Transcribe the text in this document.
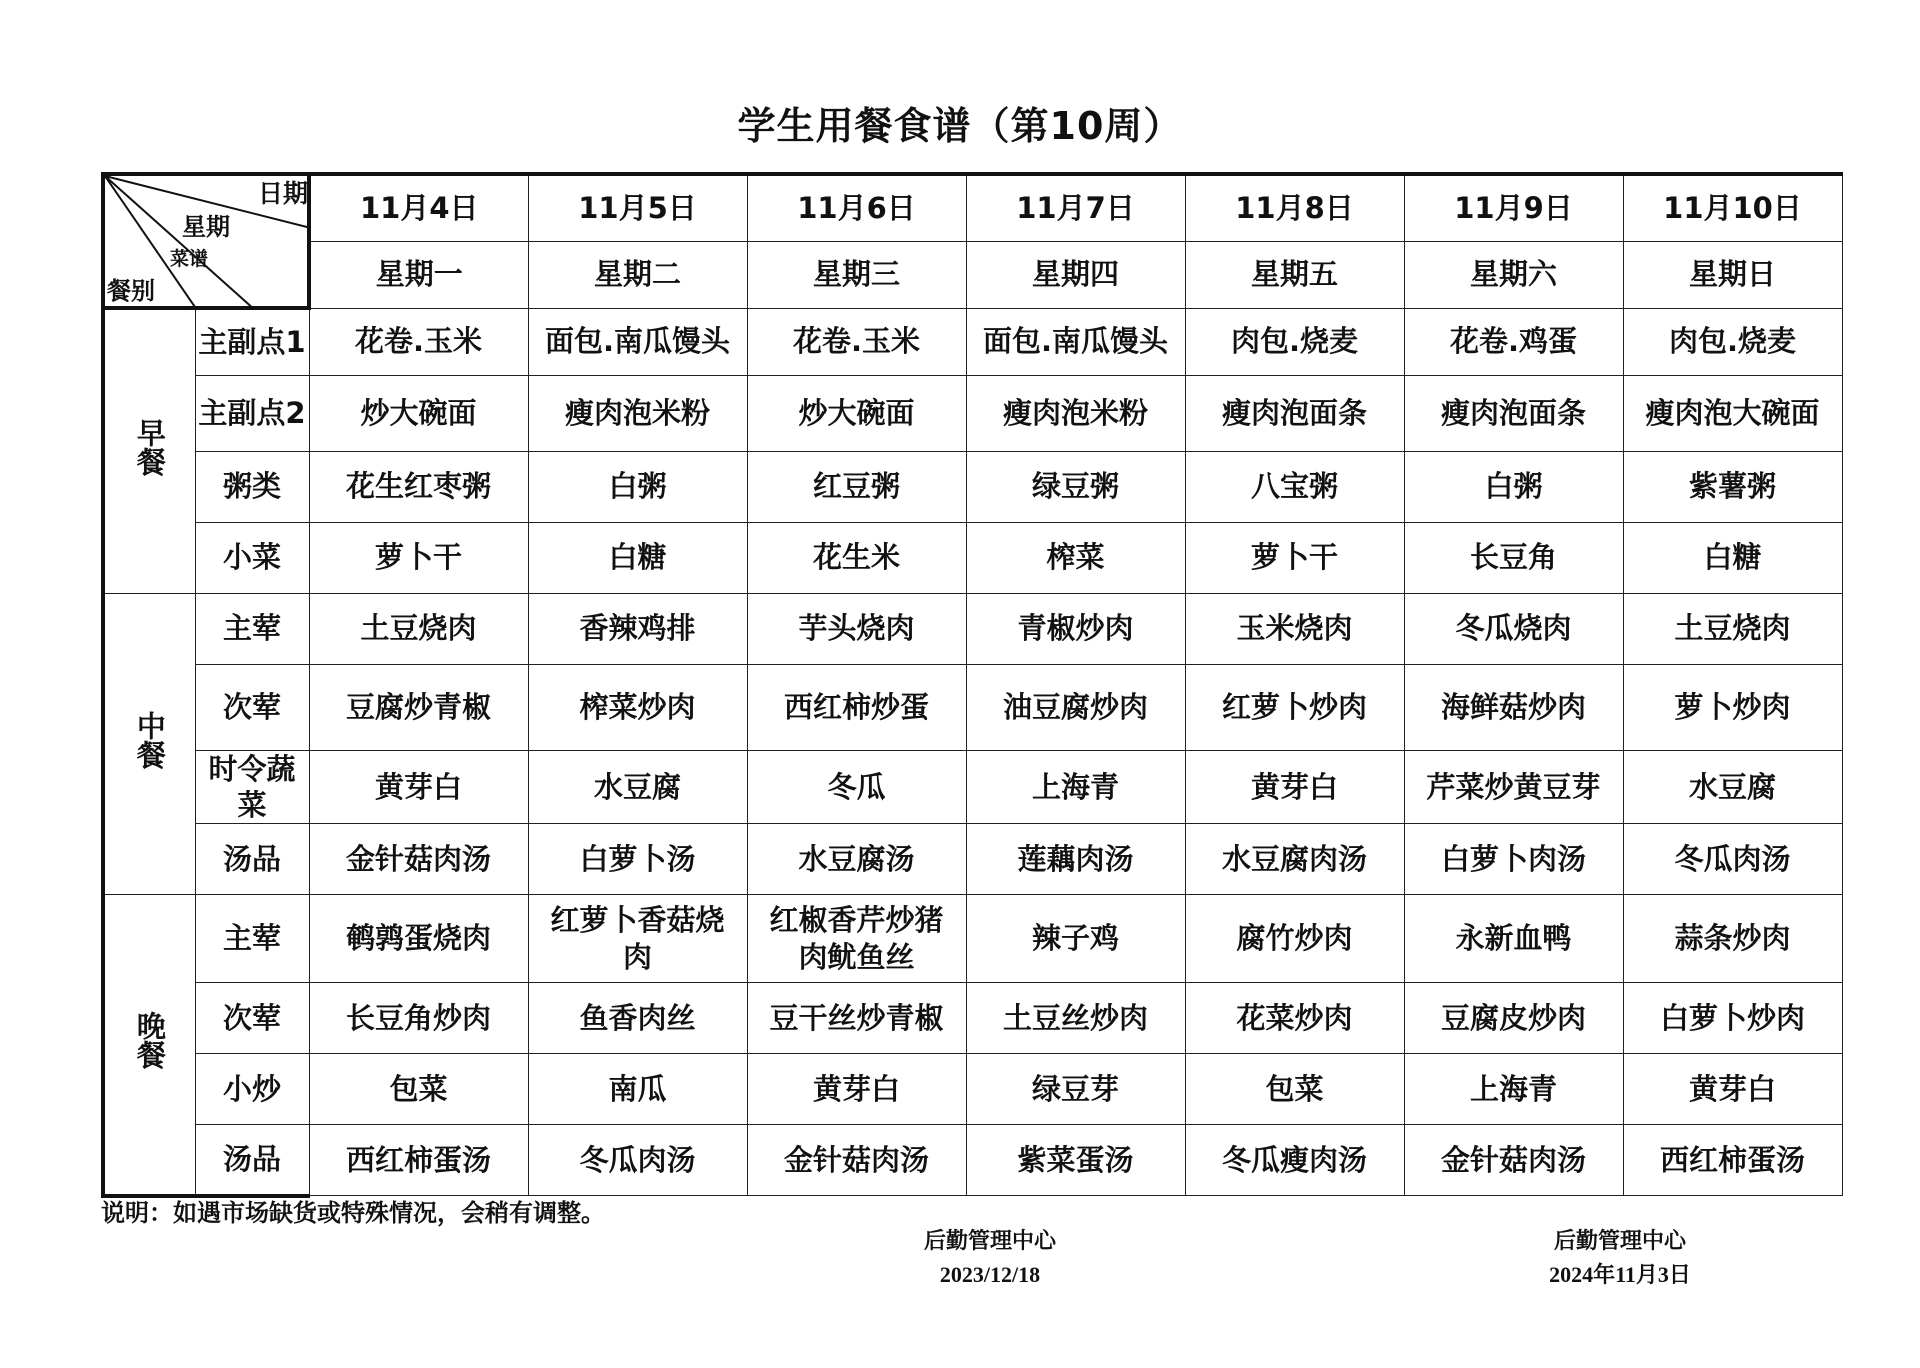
学生用餐食谱（第10周）
日期
星期
菜谱
餐别		11月4日	11月5日	11月6日	11月7日	11月8日	11月9日	11月10日
		星期一	星期二	星期三	星期四	星期五	星期六	星期日
早餐	主副点1	花卷.玉米	面包.南瓜馒头	花卷.玉米	面包.南瓜馒头	肉包.烧麦	花卷.鸡蛋	肉包.烧麦
	主副点2	炒大碗面	瘦肉泡米粉	炒大碗面	瘦肉泡米粉	瘦肉泡面条	瘦肉泡面条	瘦肉泡大碗面
	粥类	花生红枣粥	白粥	红豆粥	绿豆粥	八宝粥	白粥	紫薯粥
	小菜	萝卜干	白糖	花生米	榨菜	萝卜干	长豆角	白糖
中餐	主荤	土豆烧肉	香辣鸡排	芋头烧肉	青椒炒肉	玉米烧肉	冬瓜烧肉	土豆烧肉
	次荤	豆腐炒青椒	榨菜炒肉	西红柿炒蛋	油豆腐炒肉	红萝卜炒肉	海鲜菇炒肉	萝卜炒肉
	时令蔬菜	黄芽白	水豆腐	冬瓜	上海青	黄芽白	芹菜炒黄豆芽	水豆腐
	汤品	金针菇肉汤	白萝卜汤	水豆腐汤	莲藕肉汤	水豆腐肉汤	白萝卜肉汤	冬瓜肉汤
晚餐	主荤	鹌鹑蛋烧肉	红萝卜香菇烧肉	红椒香芹炒猪肉鱿鱼丝	辣子鸡	腐竹炒肉	永新血鸭	蒜条炒肉
	次荤	长豆角炒肉	鱼香肉丝	豆干丝炒青椒	土豆丝炒肉	花菜炒肉	豆腐皮炒肉	白萝卜炒肉
	小炒	包菜	南瓜	黄芽白	绿豆芽	包菜	上海青	黄芽白
	汤品	西红柿蛋汤	冬瓜肉汤	金针菇肉汤	紫菜蛋汤	冬瓜瘦肉汤	金针菇肉汤	西红柿蛋汤
说明：如遇市场缺货或特殊情况，会稍有调整。
后勤管理中心
2023/12/18
后勤管理中心
2024年11月3日
